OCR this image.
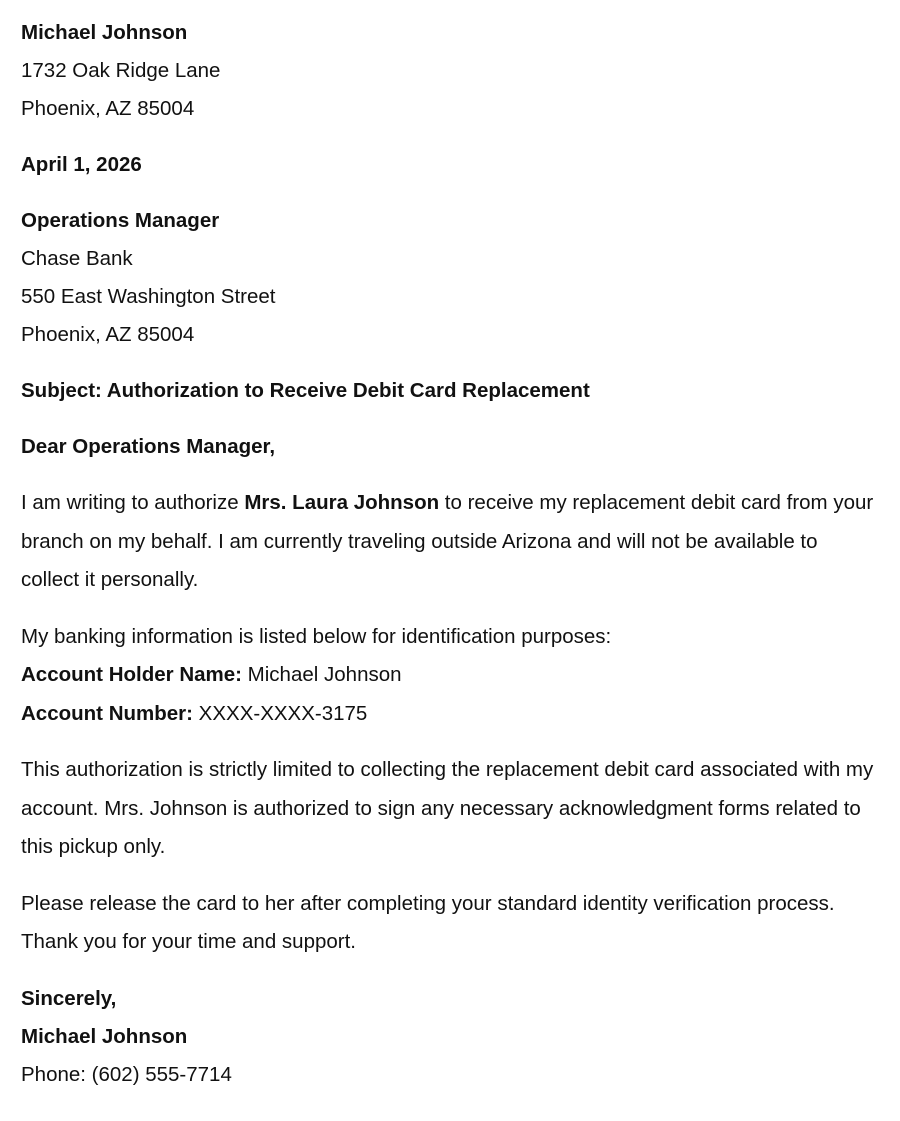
Michael Johnson
1732 Oak Ridge Lane
Phoenix, AZ 85004
April 1, 2026
Operations Manager
Chase Bank
550 East Washington Street
Phoenix, AZ 85004
Subject: Authorization to Receive Debit Card Replacement
Dear Operations Manager,

I am writing to authorize Mrs. Laura Johnson to receive my replacement debit card from your branch on my behalf. I am currently traveling outside Arizona and will not be available to collect it personally.

My banking information is listed below for identification purposes:
Account Holder Name: Michael Johnson
Account Number: XXXX-XXXX-3175

This authorization is strictly limited to collecting the replacement debit card associated with my account. Mrs. Johnson is authorized to sign any necessary acknowledgment forms related to this pickup only.

Please release the card to her after completing your standard identity verification process. Thank you for your time and support.

Sincerely,
Michael Johnson
Phone: (602) 555-7714
